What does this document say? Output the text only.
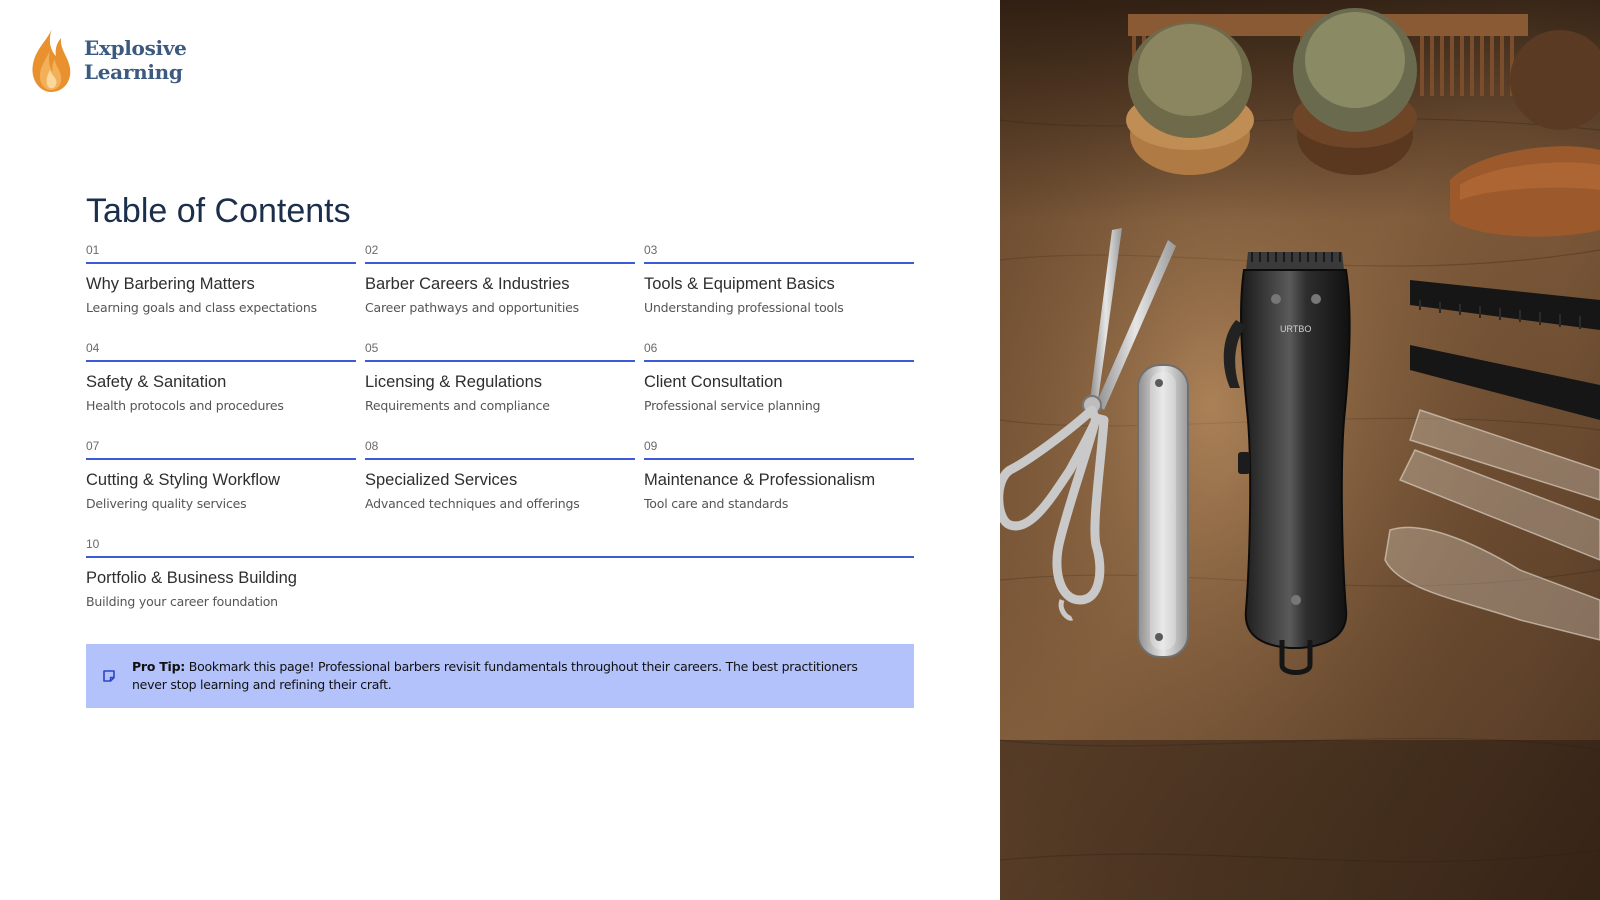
Explosive
Learning
Table of Contents
01
Why Barbering Matters
Learning goals and class expectations
02
Barber Careers & Industries
Career pathways and opportunities
03
Tools & Equipment Basics
Understanding professional tools
04
Safety & Sanitation
Health protocols and procedures
05
Licensing & Regulations
Requirements and compliance
06
Client Consultation
Professional service planning
07
Cutting & Styling Workflow
Delivering quality services
08
Specialized Services
Advanced techniques and offerings
09
Maintenance & Professionalism
Tool care and standards
10
Portfolio & Business Building
Building your career foundation
Pro Tip: Bookmark this page! Professional barbers revisit fundamentals throughout their careers. The best practitioners never stop learning and refining their craft.
URTBO
